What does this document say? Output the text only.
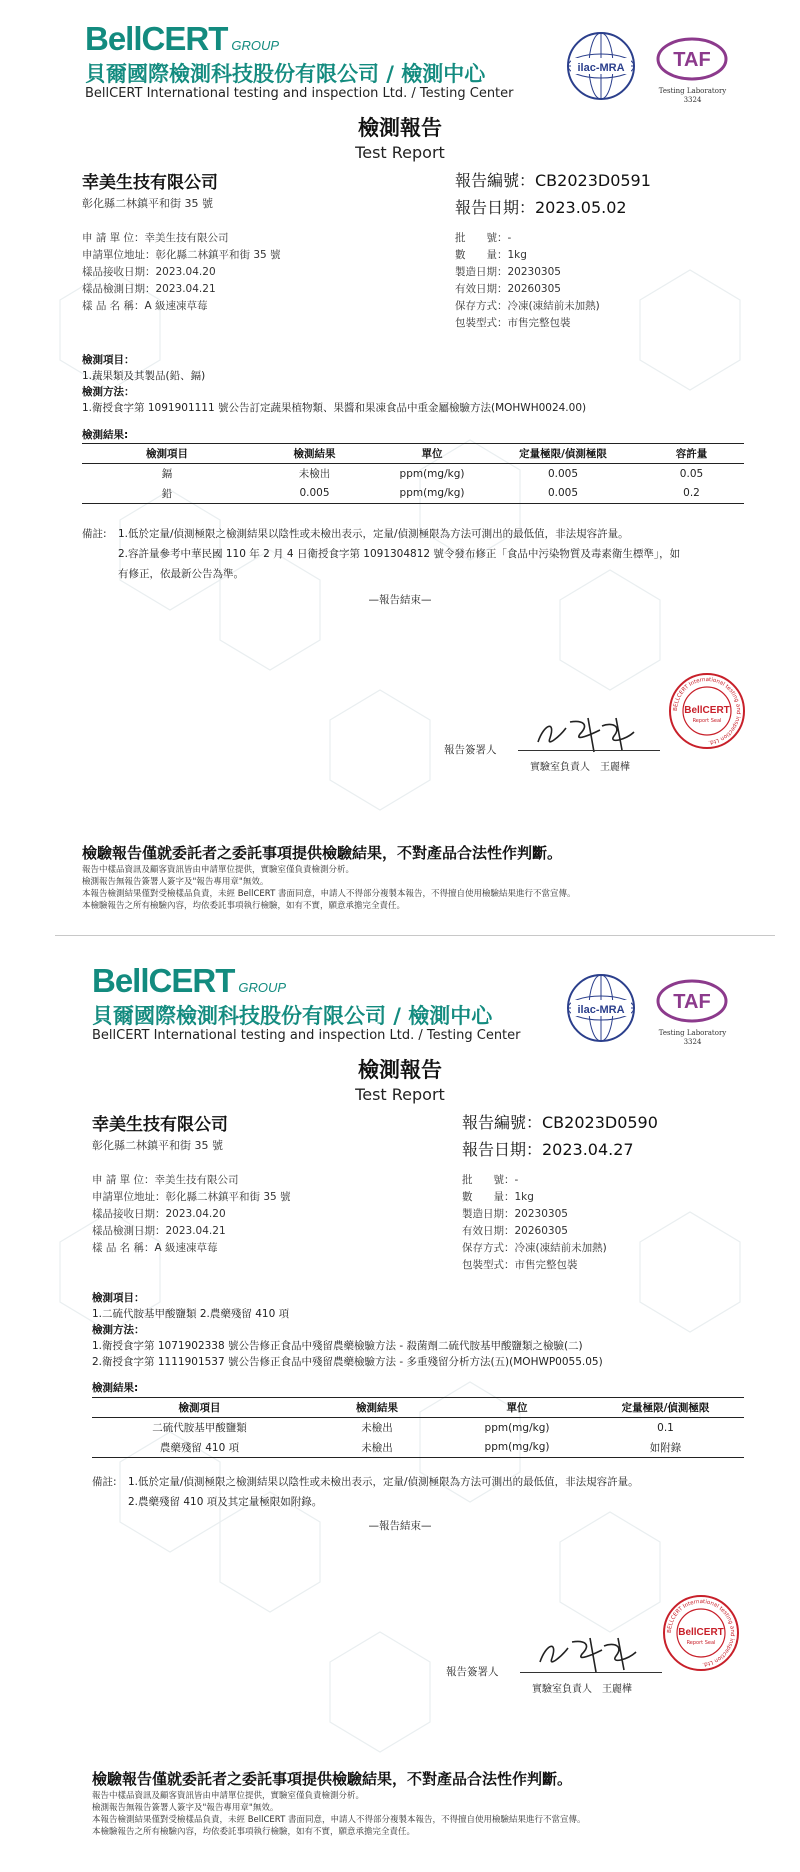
BellCERT GROUP
貝爾國際檢測科技股份有限公司 / 檢測中心
BellCERT International testing and inspection Ltd. / Testing Center
ilac-MRA TAF
Testing Laboratory
3324
檢測報告
Test Report
幸美生技有限公司
彰化縣二林鎮平和街 35 號
報告編號：CB2023D0591
報告日期：2023.05.02
申 請 單 位：幸美生技有限公司
申請單位地址：彰化縣二林鎮平和街 35 號
樣品接收日期：2023.04.20
樣品檢測日期：2023.04.21
樣 品 名 稱：A 級速凍草莓
批　　號：-
數　　量：1kg
製造日期：20230305
有效日期：20260305
保存方式：冷凍(凍結前未加熱)
包裝型式：市售完整包裝
檢測項目：
1.蔬果類及其製品(鉛、鎘)
檢測方法：
1.衛授食字第 1091901111 號公告訂定蔬果植物類、果醬和果凍食品中重金屬檢驗方法(MOHWH0024.00)
檢測結果:
檢測項目	檢測結果	單位	定量極限/偵測極限	容許量
鎘	未檢出	ppm(mg/kg)	0.005	0.05
鉛	0.005	ppm(mg/kg)	0.005	0.2
備註:	1.低於定量/偵測極限之檢測結果以陰性或未檢出表示，定量/偵測極限為方法可測出的最低值，非法規容許量。
2.容許量參考中華民國 110 年 2 月 4 日衛授食字第 1091304812 號令發布修正「食品中污染物質及毒素衛生標準」，如
有修正，依最新公告為準。
—報告結束—
BELLCERT International testing and inspection Ltd.
BellCERT
Report Seal
報告簽署人
實驗室負責人　王麗樺
檢驗報告僅就委託者之委託事項提供檢驗結果，不對產品合法性作判斷。
報告中樣品資訊及顧客資訊皆由申請單位提供，實驗室僅負責檢測分析。
檢測報告無報告簽署人簽字及"報告專用章"無效。
本報告檢測結果僅對受檢樣品負責，未經 BellCERT 書面同意，申請人不得部分複製本報告，不得擅自使用檢驗結果進行不當宣傳。
本檢驗報告之所有檢驗內容，均依委託事項執行檢驗，如有不實，願意承擔完全責任。
BellCERT GROUP
貝爾國際檢測科技股份有限公司 / 檢測中心
BellCERT International testing and inspection Ltd. / Testing Center
ilac-MRA TAF
Testing Laboratory
3324
檢測報告
Test Report
幸美生技有限公司
彰化縣二林鎮平和街 35 號
報告編號：CB2023D0590
報告日期：2023.04.27
申 請 單 位：幸美生技有限公司
申請單位地址：彰化縣二林鎮平和街 35 號
樣品接收日期：2023.04.20
樣品檢測日期：2023.04.21
樣 品 名 稱：A 級速凍草莓
批　　號：-
數　　量：1kg
製造日期：20230305
有效日期：20260305
保存方式：冷凍(凍結前未加熱)
包裝型式：市售完整包裝
檢測項目：
1.二硫代胺基甲酸鹽類 2.農藥殘留 410 項
檢測方法：
1.衛授食字第 1071902338 號公告修正食品中殘留農藥檢驗方法 - 殺菌劑二硫代胺基甲酸鹽類之檢驗(二)
2.衛授食字第 1111901537 號公告修正食品中殘留農藥檢驗方法 - 多重殘留分析方法(五)(MOHWP0055.05)
檢測結果:
檢測項目	檢測結果	單位	定量極限/偵測極限
二硫代胺基甲酸鹽類	未檢出	ppm(mg/kg)	0.1
農藥殘留 410 項	未檢出	ppm(mg/kg)	如附錄
備註:	1.低於定量/偵測極限之檢測結果以陰性或未檢出表示，定量/偵測極限為方法可測出的最低值，非法規容許量。
2.農藥殘留 410 項及其定量極限如附錄。
—報告結束—
BELLCERT International testing and inspection Ltd.
BellCERT
Report Seal
報告簽署人
實驗室負責人　王麗樺
檢驗報告僅就委託者之委託事項提供檢驗結果，不對產品合法性作判斷。
報告中樣品資訊及顧客資訊皆由申請單位提供，實驗室僅負責檢測分析。
檢測報告無報告簽署人簽字及"報告專用章"無效。
本報告檢測結果僅對受檢樣品負責，未經 BellCERT 書面同意，申請人不得部分複製本報告，不得擅自使用檢驗結果進行不當宣傳。
本檢驗報告之所有檢驗內容，均依委託事項執行檢驗，如有不實，願意承擔完全責任。
